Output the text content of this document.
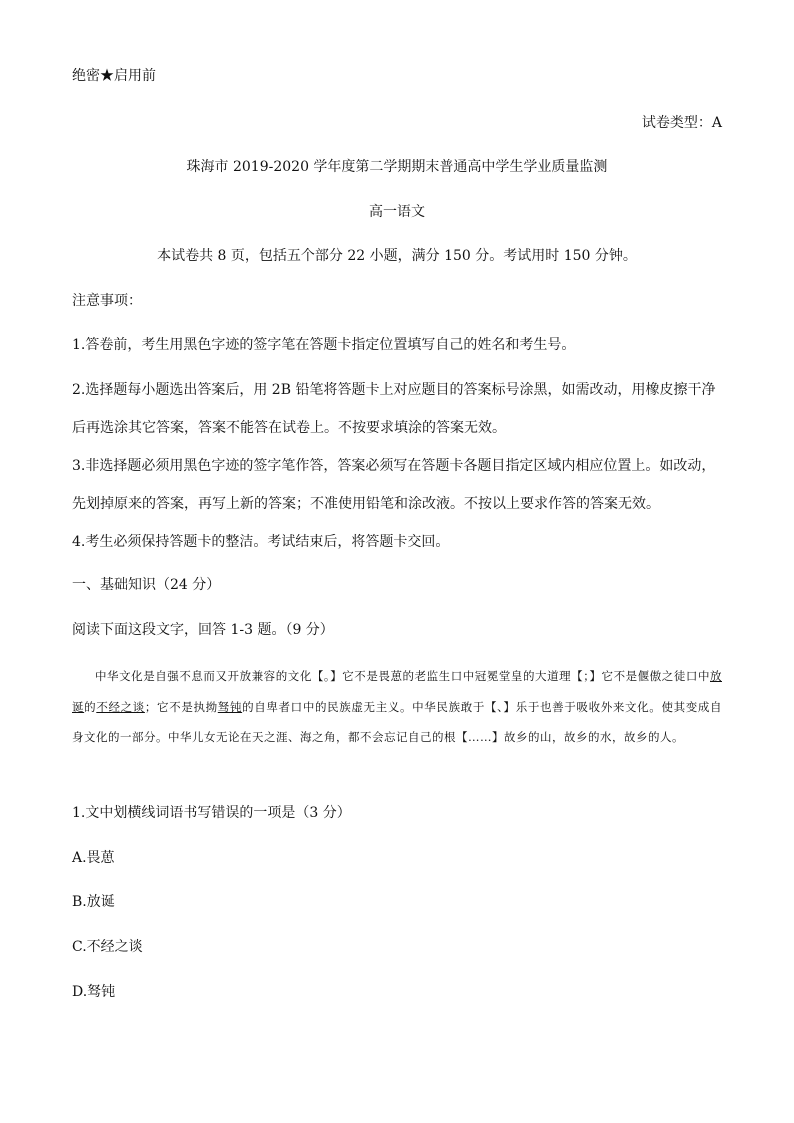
绝密★启用前
试卷类型：A
珠海市 2019-2020 学年度第二学期期末普通高中学生学业质量监测
高一语文
本试卷共 8 页，包括五个部分 22 小题，满分 150 分。考试用时 150 分钟。
注意事项：
1.答卷前，考生用黑色字迹的签字笔在答题卡指定位置填写自己的姓名和考生号。
2.选择题每小题选出答案后，用 2B 铅笔将答题卡上对应题目的答案标号涂黑，如需改动，用橡皮擦干净后再选涂其它答案，答案不能答在试卷上。不按要求填涂的答案无效。
3.非选择题必须用黑色字迹的签字笔作答，答案必须写在答题卡各题目指定区域内相应位置上。如改动，先划掉原来的答案，再写上新的答案；不准使用铅笔和涂改液。不按以上要求作答的答案无效。
4.考生必须保持答题卡的整洁。考试结束后，将答题卡交回。
一、基础知识（24 分）
阅读下面这段文字，回答 1-3 题。（9 分）
中华文化是自强不息而又开放兼容的文化【。】它不是畏葸的老监生口中冠冕堂皇的大道理【；】它不是偃傲之徒口中放诞的不经之谈；它不是执拗驽钝的自卑者口中的民族虚无主义。中华民族敢于【、】乐于也善于吸收外来文化。使其变成自身文化的一部分。中华儿女无论在天之涯、海之角，都不会忘记自己的根【……】故乡的山，故乡的水，故乡的人。
1.文中划横线词语书写错误的一项是（3 分）
A.畏葸
B.放诞
C.不经之谈
D.驽钝
